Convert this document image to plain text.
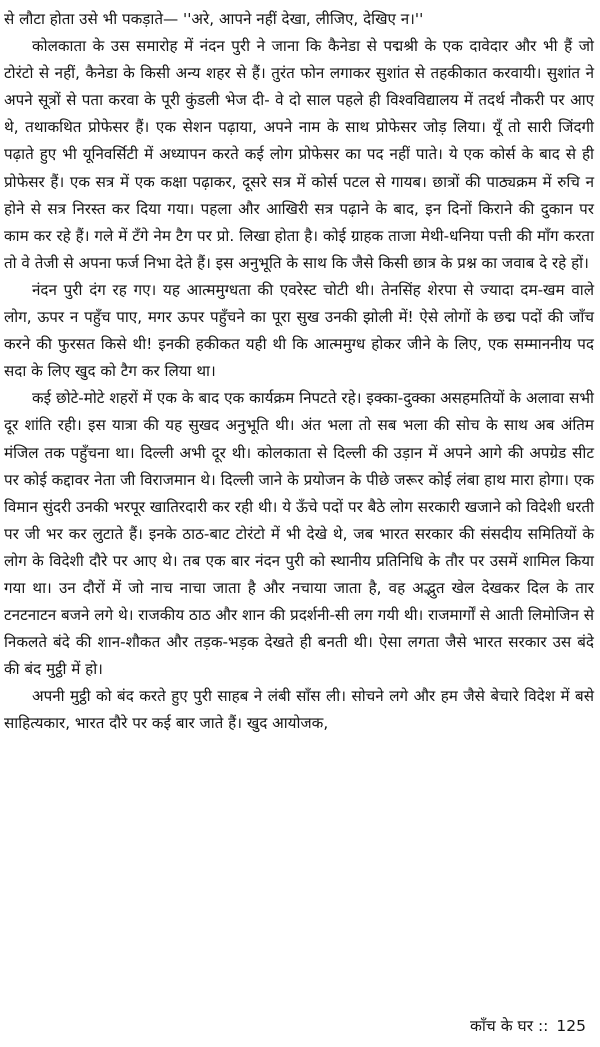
से लौटा होता उसे भी पकड़ाते— ''अरे, आपने नहीं देखा, लीजिए, देखिए न।''

कोलकाता के उस समारोह में नंदन पुरी ने जाना कि कैनेडा से पद्मश्री के एक दावेदार और भी हैं जो टोरंटो से नहीं, कैनेडा के किसी अन्य शहर से हैं। तुरंत फोन लगाकर सुशांत से तहकीकात करवायी। सुशांत ने अपने सूत्रों से पता करवा के पूरी कुंडली भेज दी- वे दो साल पहले ही विश्वविद्यालय में तदर्थ नौकरी पर आए थे, तथाकथित प्रोफेसर हैं। एक सेशन पढ़ाया, अपने नाम के साथ प्रोफेसर जोड़ लिया। यूँ तो सारी जिंदगी पढ़ाते हुए भी यूनिवर्सिटी में अध्यापन करते कई लोग प्रोफेसर का पद नहीं पाते। ये एक कोर्स के बाद से ही प्रोफेसर हैं। एक सत्र में एक कक्षा पढ़ाकर, दूसरे सत्र में कोर्स पटल से गायब। छात्रों की पाठ्यक्रम में रुचि न होने से सत्र निरस्त कर दिया गया। पहला और आखिरी सत्र पढ़ाने के बाद, इन दिनों किराने की दुकान पर काम कर रहे हैं। गले में टँगे नेम टैग पर प्रो. लिखा होता है। कोई ग्राहक ताजा मेथी-धनिया पत्ती की माँग करता तो वे तेजी से अपना फर्ज निभा देते हैं। इस अनुभूति के साथ कि जैसे किसी छात्र के प्रश्न का जवाब दे रहे हों।

नंदन पुरी दंग रह गए। यह आत्ममुग्धता की एवरेस्ट चोटी थी। तेनसिंह शेरपा से ज्यादा दम-खम वाले लोग, ऊपर न पहुँच पाए, मगर ऊपर पहुँचने का पूरा सुख उनकी झोली में! ऐसे लोगों के छद्म पदों की जाँच करने की फुरसत किसे थी! इनकी हकीकत यही थी कि आत्ममुग्ध होकर जीने के लिए, एक सम्माननीय पद सदा के लिए खुद को टैग कर लिया था।

कई छोटे-मोटे शहरों में एक के बाद एक कार्यक्रम निपटते रहे। इक्का-दुक्का असहमतियों के अलावा सभी दूर शांति रही। इस यात्रा की यह सुखद अनुभूति थी। अंत भला तो सब भला की सोच के साथ अब अंतिम मंजिल तक पहुँचना था। दिल्ली अभी दूर थी। कोलकाता से दिल्ली की उड़ान में अपने आगे की अपग्रेड सीट पर कोई कद्दावर नेता जी विराजमान थे। दिल्ली जाने के प्रयोजन के पीछे जरूर कोई लंबा हाथ मारा होगा। एक विमान सुंदरी उनकी भरपूर खातिरदारी कर रही थी। ये ऊँचे पदों पर बैठे लोग सरकारी खजाने को विदेशी धरती पर जी भर कर लुटाते हैं। इनके ठाठ-बाट टोरंटो में भी देखे थे, जब भारत सरकार की संसदीय समितियों के लोग के विदेशी दौरे पर आए थे। तब एक बार नंदन पुरी को स्थानीय प्रतिनिधि के तौर पर उसमें शामिल किया गया था। उन दौरों में जो नाच नाचा जाता है और नचाया जाता है, वह अद्भुत खेल देखकर दिल के तार टनटनाटन बजने लगे थे। राजकीय ठाठ और शान की प्रदर्शनी-सी लग गयी थी। राजमार्गों से आती लिमोजिन से निकलते बंदे की शान-शौकत और तड़क-भड़क देखते ही बनती थी। ऐसा लगता जैसे भारत सरकार उस बंदे की बंद मुट्ठी में हो।

अपनी मुट्ठी को बंद करते हुए पुरी साहब ने लंबी साँस ली। सोचने लगे और हम जैसे बेचारे विदेश में बसे साहित्यकार, भारत दौरे पर कई बार जाते हैं। खुद आयोजक,

काँच के घर :: 125
